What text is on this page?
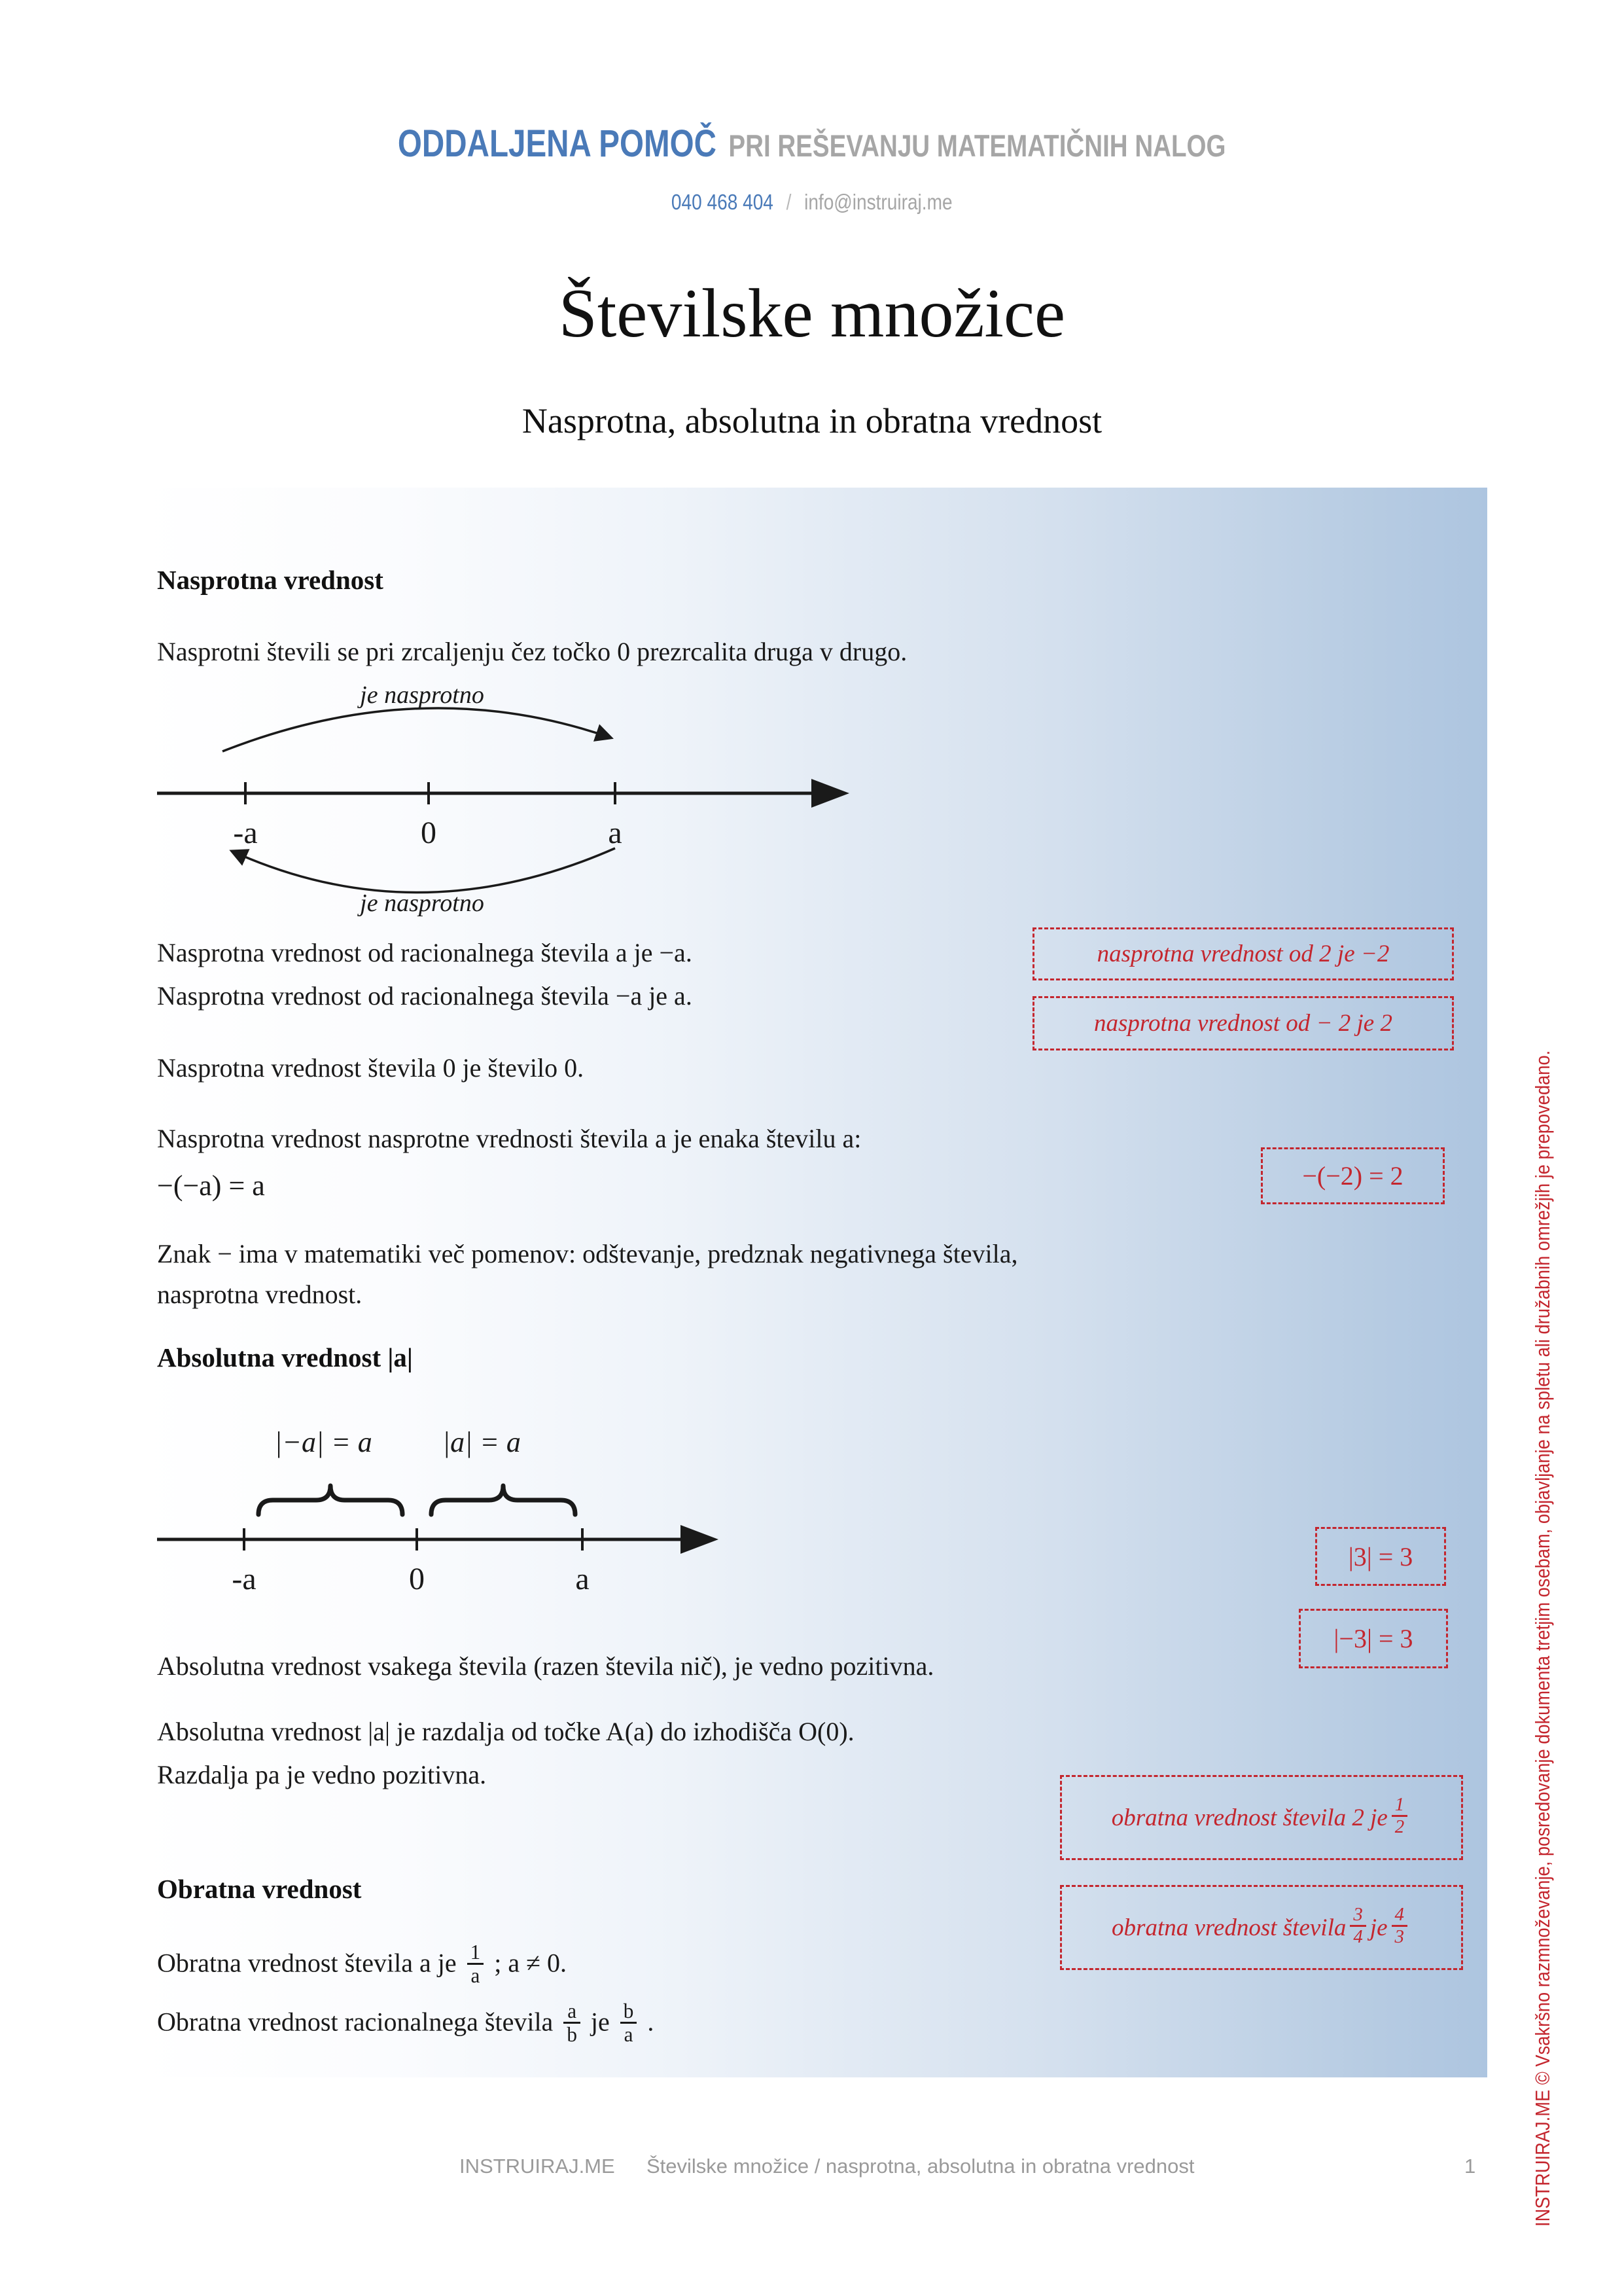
ODDALJENA POMOČ PRI REŠEVANJU MATEMATIČNIH NALOG
040 468 404 / info@instruiraj.me
Številske množice
Nasprotna, absolutna in obratna vrednost
Nasprotna vrednost
Nasprotni števili se pri zrcaljenju čez točko 0 prezrcalita druga v drugo.
je nasprotno
-a	0	a
je nasprotno
Nasprotna vrednost od racionalnega števila a je −a.
Nasprotna vrednost od racionalnega števila −a je a.
Nasprotna vrednost števila 0 je število 0.
Nasprotna vrednost nasprotne vrednosti števila a je enaka številu a:
−(−a) = a
Znak − ima v matematiki več pomenov: odštevanje, predznak negativnega števila,
nasprotna vrednost.
nasprotna vrednost od 2 je −2
nasprotna vrednost od − 2 je 2
−(−2) = 2
Absolutna vrednost |a|
|−a| = a |a| = a
-a	0	a
Absolutna vrednost vsakega števila (razen števila nič), je vedno pozitivna.
Absolutna vrednost |a| je razdalja od točke A(a) do izhodišča O(0).
Razdalja pa je vedno pozitivna.
|3| = 3
|−3| = 3
Obratna vrednost
Obratna vrednost števila a je $\frac{1}{a}$ ; a ≠ 0.
Obratna vrednost racionalnega števila $\frac{a}{b}$ je $\frac{b}{a}$ .
obratna vrednost števila 2 je $\frac{1}{2}$
obratna vrednost števila $\frac{3}{4}$ je $\frac{4}{3}$	INSTRUIRAJ.ME © Vsakršno razmnoževanje, posredovanje dokumenta tretjim osebam, objavljanje na spletu ali družabnih omrežjih je prepovedano.
INSTRUIRAJ.ME Številske množice / nasprotna, absolutna in obratna vrednost	1
